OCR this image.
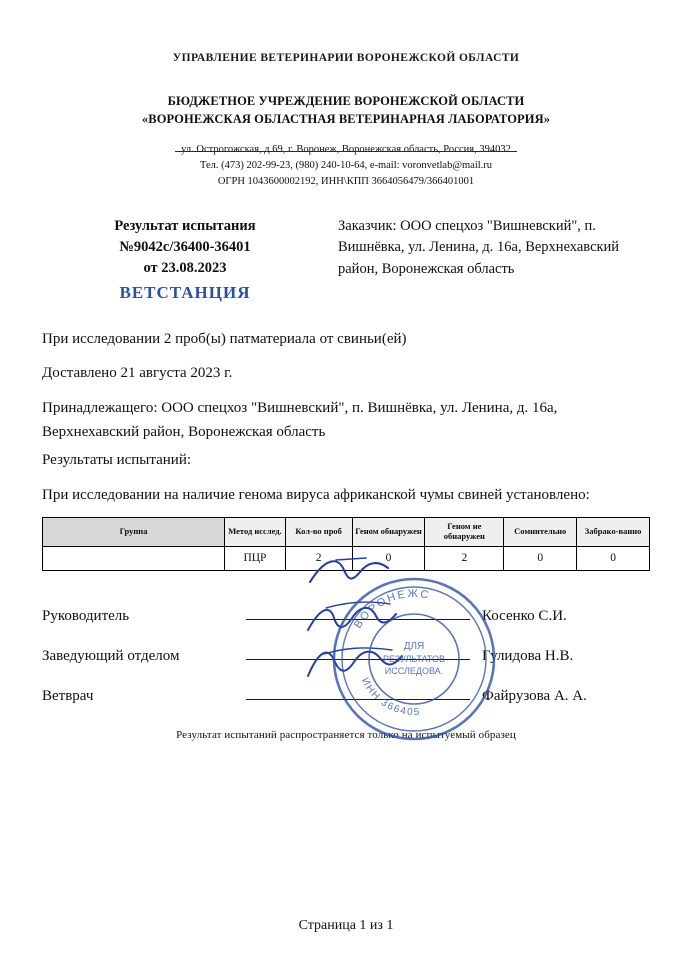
УПРАВЛЕНИЕ ВЕТЕРИНАРИИ ВОРОНЕЖСКОЙ ОБЛАСТИ
БЮДЖЕТНОЕ УЧРЕЖДЕНИЕ ВОРОНЕЖСКОЙ ОБЛАСТИ
«ВОРОНЕЖСКАЯ ОБЛАСТНАЯ ВЕТЕРИНАРНАЯ ЛАБОРАТОРИЯ»
Тел. (473) 202-99-23, (980) 240-10-64, e-mail: voronvetlab@mail.ru
ОГРН 1043600002192, ИНН\КПП 3664056479/366401001
Результат испытания
№9042с/36400-36401
от 23.08.2023
ВЕТСТАНЦИЯ
Заказчик: ООО спецхоз "Вишневский", п. Вишнёвка, ул. Ленина, д. 16а, Верхнехавский район, Воронежская область

При исследовании 2 проб(ы) патматериала от свиньи(ей)

Доставлено 21 августа 2023 г.

Принадлежащего: ООО спецхоз "Вишневский", п. Вишнёвка, ул. Ленина, д. 16а, Верхнехавский район, Воронежская область

Результаты испытаний:

При исследовании на наличие генома вируса африканской чумы свиней установлено:

Группа	Метод исслед.	Кол-во проб	Геном обнаружен	Геном не обнаружен	Сомнительно	Забрако-ванно
	ПЦР	2	0	2	0	0
Руководитель	Косенко С.И.
Заведующий отделом	Гулидова Н.В.
Ветврач	Файрузова А. А.
Результат испытаний распространяется только на испытуемый образец
ВОРОНЕЖС
ИНН 366405
ДЛЯ
РЕЗУЛЬТАТОВ
ИССЛЕДОВА.
Страница 1 из 1
